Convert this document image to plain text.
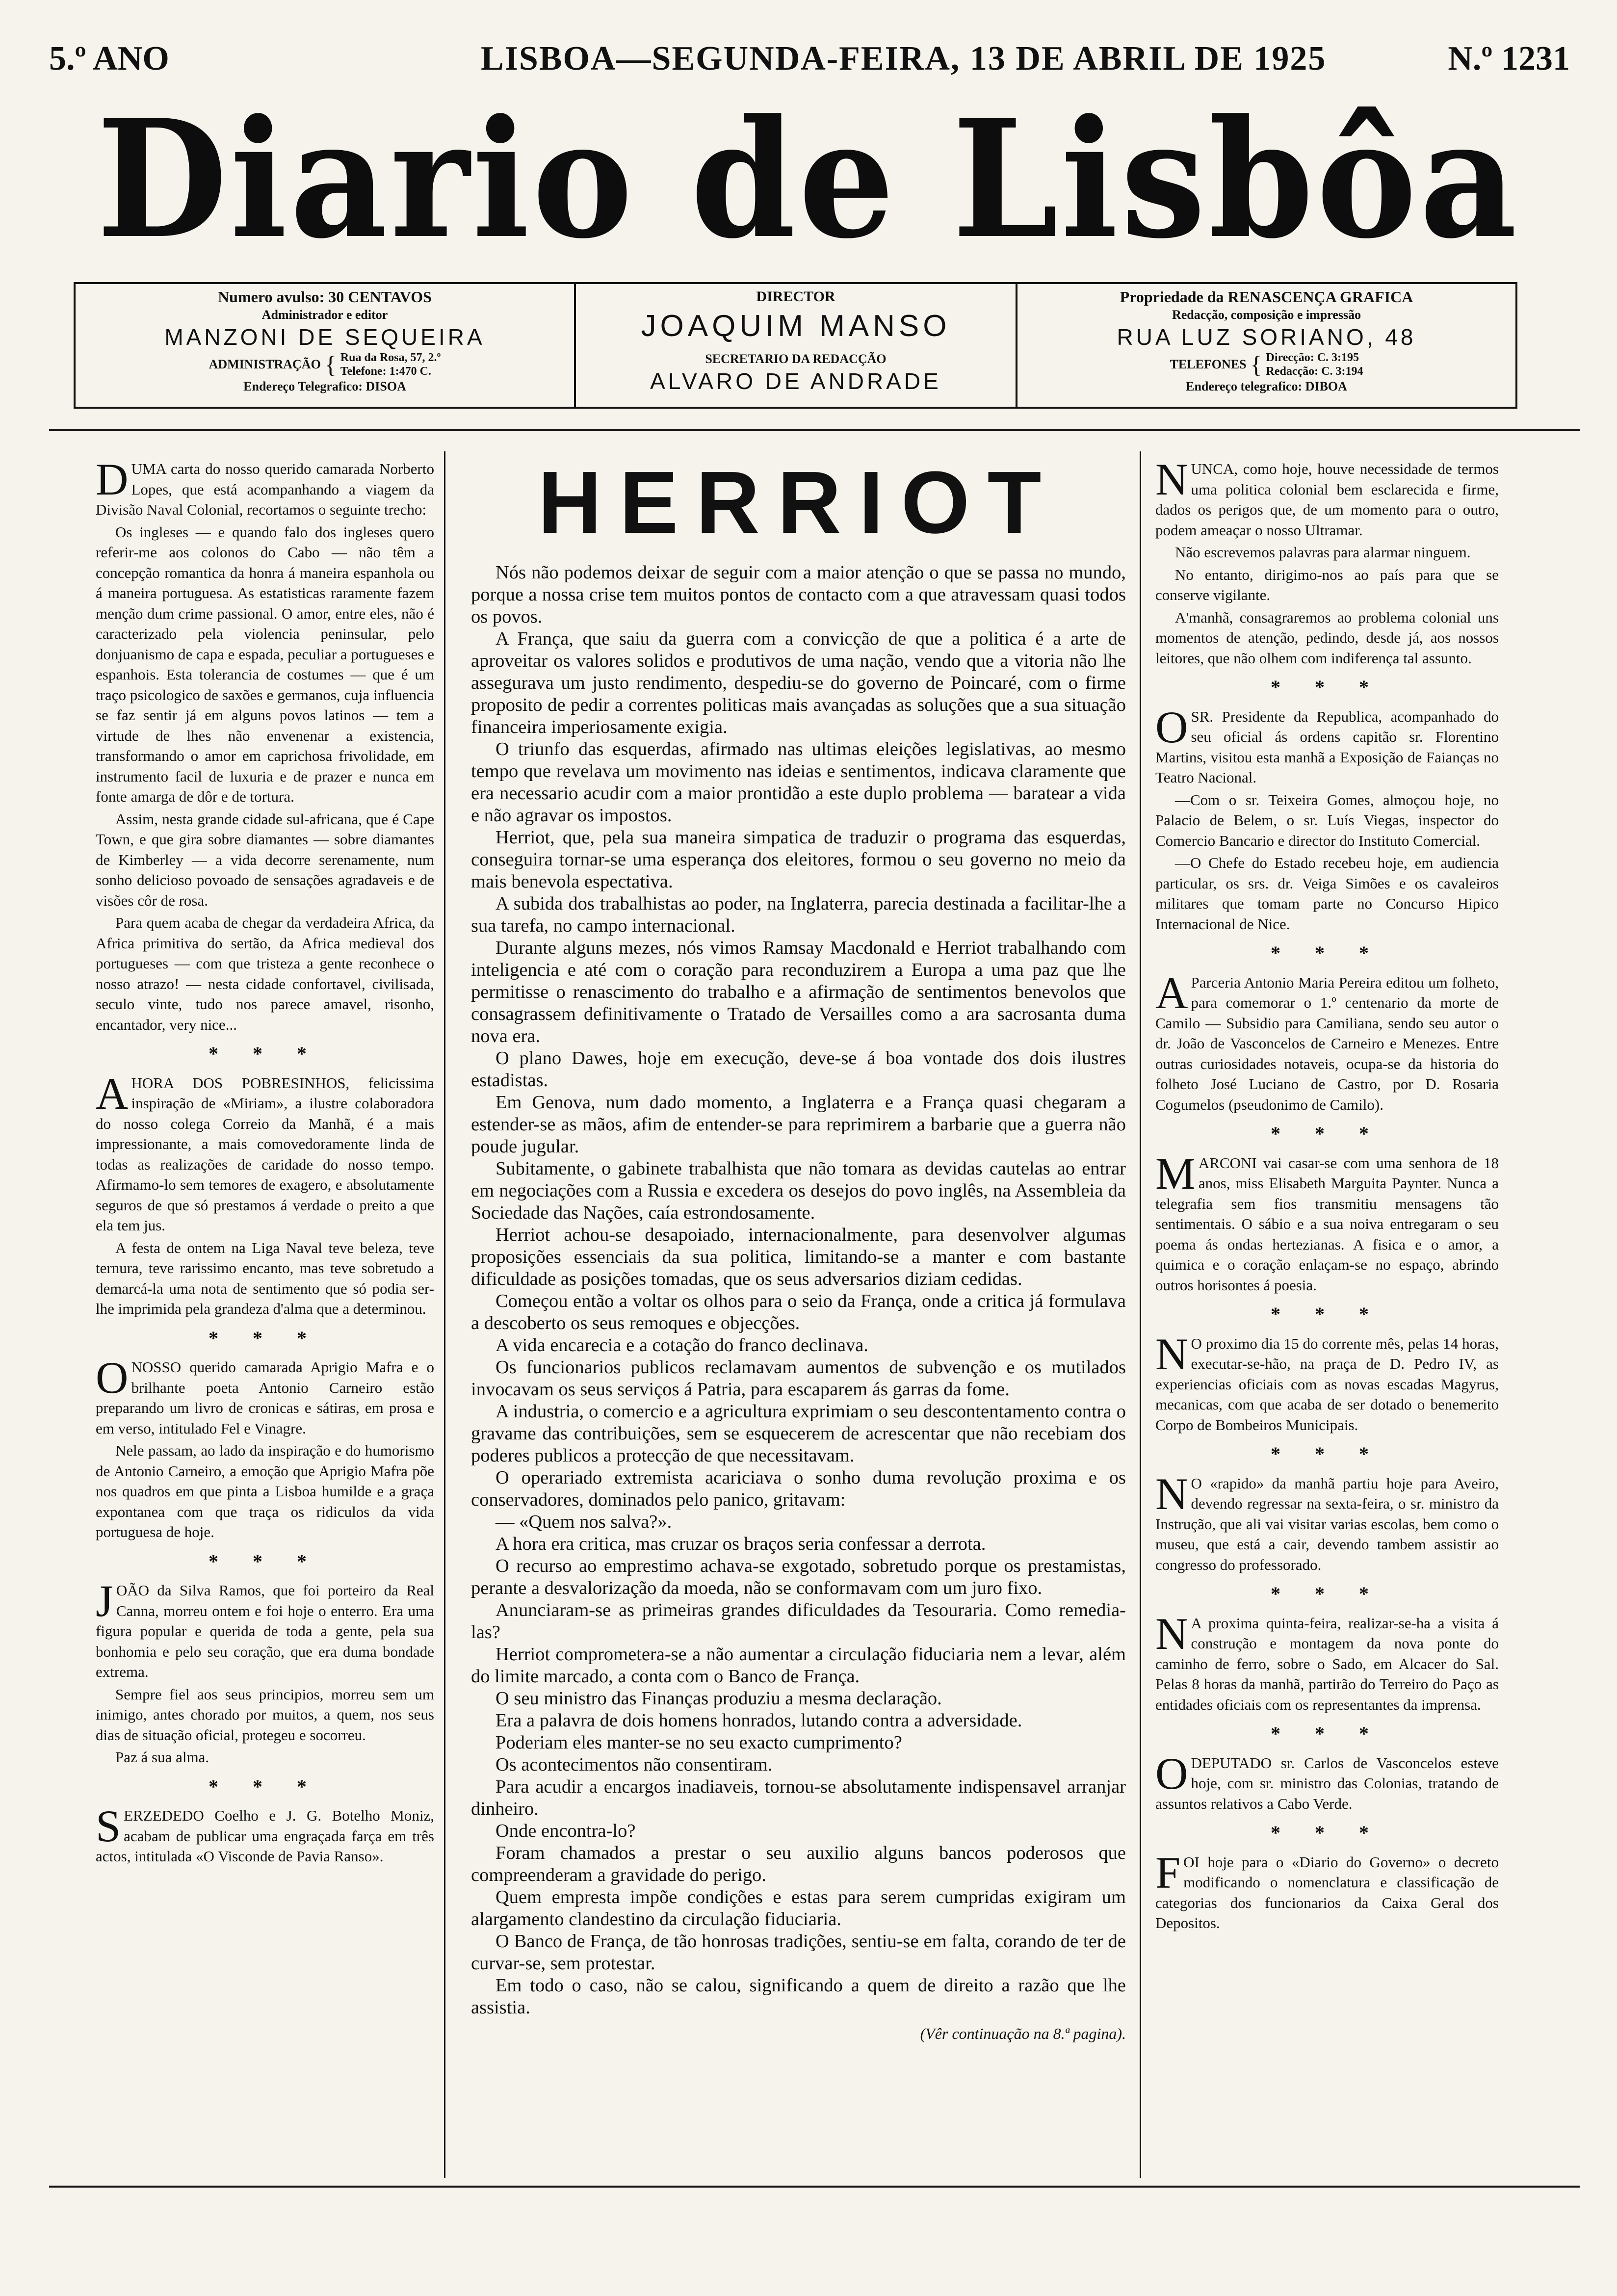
5.º ANO	LISBOA—SEGUNDA-FEIRA, 13 DE ABRIL DE 1925	N.º 1231
Diario de Lisbôa
Numero avulso: 30 CENTAVOS
Administrador e editor
MANZONI DE SEQUEIRA
ADMINISTRAÇÃO { Rua da Rosa, 57, 2.º
Telefone: 1:470 C.
Endereço Telegrafico: DISOA
DIRECTOR
JOAQUIM MANSO
SECRETARIO DA REDACÇÃO
ALVARO DE ANDRADE
Propriedade da RENASCENÇA GRAFICA
Redacção, composição e impressão
RUA LUZ SORIANO, 48
TELEFONES { Direcção: C. 3:195
Redacção: C. 3:194
Endereço telegrafico: DIBOA

DUMA carta do nosso querido camarada Norberto Lopes, que está acompanhando a viagem da Divisão Naval Colonial, recortamos o seguinte trecho:

Os ingleses — e quando falo dos ingleses quero referir-me aos colonos do Cabo — não têm a concepção romantica da honra á maneira espanhola ou á maneira portuguesa. As estatisticas raramente fazem menção dum crime passional. O amor, entre eles, não é caracterizado pela violencia peninsular, pelo donjuanismo de capa e espada, peculiar a portugueses e espanhois. Esta tolerancia de costumes — que é um traço psicologico de saxões e germanos, cuja influencia se faz sentir já em alguns povos latinos — tem a virtude de lhes não envenenar a existencia, transformando o amor em caprichosa frivolidade, em instrumento facil de luxuria e de prazer e nunca em fonte amarga de dôr e de tortura.

Assim, nesta grande cidade sul-africana, que é Cape Town, e que gira sobre diamantes — sobre diamantes de Kimberley — a vida decorre serenamente, num sonho delicioso povoado de sensações agradaveis e de visões côr de rosa.

Para quem acaba de chegar da verdadeira Africa, da Africa primitiva do sertão, da Africa medieval dos portugueses — com que tristeza a gente reconhece o nosso atrazo! — nesta cidade confortavel, civilisada, seculo vinte, tudo nos parece amavel, risonho, encantador, very nice...

* * *

AHORA DOS POBRESINHOS, felicissima inspiração de «Miriam», a ilustre colaboradora do nosso colega Correio da Manhã, é a mais impressionante, a mais comovedoramente linda de todas as realizações de caridade do nosso tempo. Afirmamo-lo sem temores de exagero, e absolutamente seguros de que só prestamos á verdade o preito a que ela tem jus.

A festa de ontem na Liga Naval teve beleza, teve ternura, teve rarissimo encanto, mas teve sobretudo a demarcá-la uma nota de sentimento que só podia ser-lhe imprimida pela grandeza d'alma que a determinou.

* * *

ONOSSO querido camarada Aprigio Mafra e o brilhante poeta Antonio Carneiro estão preparando um livro de cronicas e sátiras, em prosa e em verso, intitulado Fel e Vinagre.

Nele passam, ao lado da inspiração e do humorismo de Antonio Carneiro, a emoção que Aprigio Mafra põe nos quadros em que pinta a Lisboa humilde e a graça expontanea com que traça os ridiculos da vida portuguesa de hoje.

* * *

JOÃO da Silva Ramos, que foi porteiro da Real Canna, morreu ontem e foi hoje o enterro. Era uma figura popular e querida de toda a gente, pela sua bonhomia e pelo seu coração, que era duma bondade extrema.

Sempre fiel aos seus principios, morreu sem um inimigo, antes chorado por muitos, a quem, nos seus dias de situação oficial, protegeu e socorreu.

Paz á sua alma.

* * *

SERZEDEDO Coelho e J. G. Botelho Moniz, acabam de publicar uma engraçada farça em três actos, intitulada «O Visconde de Pavia Ranso».

HERRIOT

Nós não podemos deixar de seguir com a maior atenção o que se passa no mundo, porque a nossa crise tem muitos pontos de contacto com a que atravessam quasi todos os povos.

A França, que saiu da guerra com a convicção de que a politica é a arte de aproveitar os valores solidos e produtivos de uma nação, vendo que a vitoria não lhe assegurava um justo rendimento, despediu-se do governo de Poincaré, com o firme proposito de pedir a correntes politicas mais avançadas as soluções que a sua situação financeira imperiosamente exigia.

O triunfo das esquerdas, afirmado nas ultimas eleições legislativas, ao mesmo tempo que revelava um movimento nas ideias e sentimentos, indicava claramente que era necessario acudir com a maior prontidão a este duplo problema — baratear a vida e não agravar os impostos.

Herriot, que, pela sua maneira simpatica de traduzir o programa das esquerdas, conseguira tornar-se uma esperança dos eleitores, formou o seu governo no meio da mais benevola espectativa.

A subida dos trabalhistas ao poder, na Inglaterra, parecia destinada a facilitar-lhe a sua tarefa, no campo internacional.

Durante alguns mezes, nós vimos Ramsay Macdonald e Herriot trabalhando com inteligencia e até com o coração para reconduzirem a Europa a uma paz que lhe permitisse o renascimento do trabalho e a afirmação de sentimentos benevolos que consagrassem definitivamente o Tratado de Versailles como a ara sacrosanta duma nova era.

O plano Dawes, hoje em execução, deve-se á boa vontade dos dois ilustres estadistas.

Em Genova, num dado momento, a Inglaterra e a França quasi chegaram a estender-se as mãos, afim de entender-se para reprimirem a barbarie que a guerra não poude jugular.

Subitamente, o gabinete trabalhista que não tomara as devidas cautelas ao entrar em negociações com a Russia e excedera os desejos do povo inglês, na Assembleia da Sociedade das Nações, caía estrondosamente.

Herriot achou-se desapoiado, internacionalmente, para desenvolver algumas proposições essenciais da sua politica, limitando-se a manter e com bastante dificuldade as posições tomadas, que os seus adversarios diziam cedidas.

Começou então a voltar os olhos para o seio da França, onde a critica já formulava a descoberto os seus remoques e objecções.

A vida encarecia e a cotação do franco declinava.

Os funcionarios publicos reclamavam aumentos de subvenção e os mutilados invocavam os seus serviços á Patria, para escaparem ás garras da fome.

A industria, o comercio e a agricultura exprimiam o seu descontentamento contra o gravame das contribuições, sem se esquecerem de acrescentar que não recebiam dos poderes publicos a protecção de que necessitavam.

O operariado extremista acariciava o sonho duma revolução proxima e os conservadores, dominados pelo panico, gritavam:

— «Quem nos salva?».

A hora era critica, mas cruzar os braços seria confessar a derrota.

O recurso ao emprestimo achava-se exgotado, sobretudo porque os prestamistas, perante a desvalorização da moeda, não se conformavam com um juro fixo.

Anunciaram-se as primeiras grandes dificuldades da Tesouraria. Como remedia-las?

Herriot comprometera-se a não aumentar a circulação fiduciaria nem a levar, além do limite marcado, a conta com o Banco de França.

O seu ministro das Finanças produziu a mesma declaração.

Era a palavra de dois homens honrados, lutando contra a adversidade.

Poderiam eles manter-se no seu exacto cumprimento?

Os acontecimentos não consentiram.

Para acudir a encargos inadiaveis, tornou-se absolutamente indispensavel arranjar dinheiro.

Onde encontra-lo?

Foram chamados a prestar o seu auxilio alguns bancos poderosos que compreenderam a gravidade do perigo.

Quem empresta impõe condições e estas para serem cumpridas exigiram um alargamento clandestino da circulação fiduciaria.

O Banco de França, de tão honrosas tradições, sentiu-se em falta, corando de ter de curvar-se, sem protestar.

Em todo o caso, não se calou, significando a quem de direito a razão que lhe assistia.

(Vêr continuação na 8.ª pagina).

NUNCA, como hoje, houve necessidade de termos uma politica colonial bem esclarecida e firme, dados os perigos que, de um momento para o outro, podem ameaçar o nosso Ultramar.

Não escrevemos palavras para alarmar ninguem.

No entanto, dirigimo-nos ao país para que se conserve vigilante.

A'manhã, consagraremos ao problema colonial uns momentos de atenção, pedindo, desde já, aos nossos leitores, que não olhem com indiferença tal assunto.

* * *

OSR. Presidente da Republica, acompanhado do seu oficial ás ordens capitão sr. Florentino Martins, visitou esta manhã a Exposição de Faianças no Teatro Nacional.

—Com o sr. Teixeira Gomes, almoçou hoje, no Palacio de Belem, o sr. Luís Viegas, inspector do Comercio Bancario e director do Instituto Comercial.

—O Chefe do Estado recebeu hoje, em audiencia particular, os srs. dr. Veiga Simões e os cavaleiros militares que tomam parte no Concurso Hipico Internacional de Nice.

* * *

A Parceria Antonio Maria Pereira editou um folheto, para comemorar o 1.º centenario da morte de Camilo — Subsidio para Camiliana, sendo seu autor o dr. João de Vasconcelos de Carneiro e Menezes. Entre outras curiosidades notaveis, ocupa-se da historia do folheto José Luciano de Castro, por D. Rosaria Cogumelos (pseudonimo de Camilo).

* * *

MARCONI vai casar-se com uma senhora de 18 anos, miss Elisabeth Marguita Paynter. Nunca a telegrafia sem fios transmitiu mensagens tão sentimentais. O sábio e a sua noiva entregaram o seu poema ás ondas hertezianas. A fisica e o amor, a quimica e o coração enlaçam-se no espaço, abrindo outros horisontes á poesia.

* * *

N O proximo dia 15 do corrente mês, pelas 14 horas, executar-se-hão, na praça de D. Pedro IV, as experiencias oficiais com as novas escadas Magyrus, mecanicas, com que acaba de ser dotado o benemerito Corpo de Bombeiros Municipais.

* * *

N O «rapido» da manhã partiu hoje para Aveiro, devendo regressar na sexta-feira, o sr. ministro da Instrução, que ali vai visitar varias escolas, bem como o museu, que está a cair, devendo tambem assistir ao congresso do professorado.

* * *

N A proxima quinta-feira, realizar-se-ha a visita á construção e montagem da nova ponte do caminho de ferro, sobre o Sado, em Alcacer do Sal. Pelas 8 horas da manhã, partirão do Terreiro do Paço as entidades oficiais com os representantes da imprensa.

* * *

ODEPUTADO sr. Carlos de Vasconcelos esteve hoje, com sr. ministro das Colonias, tratando de assuntos relativos a Cabo Verde.

* * *

FOI hoje para o «Diario do Governo» o decreto modificando o nomenclatura e classificação de categorias dos funcionarios da Caixa Geral dos Depositos.
